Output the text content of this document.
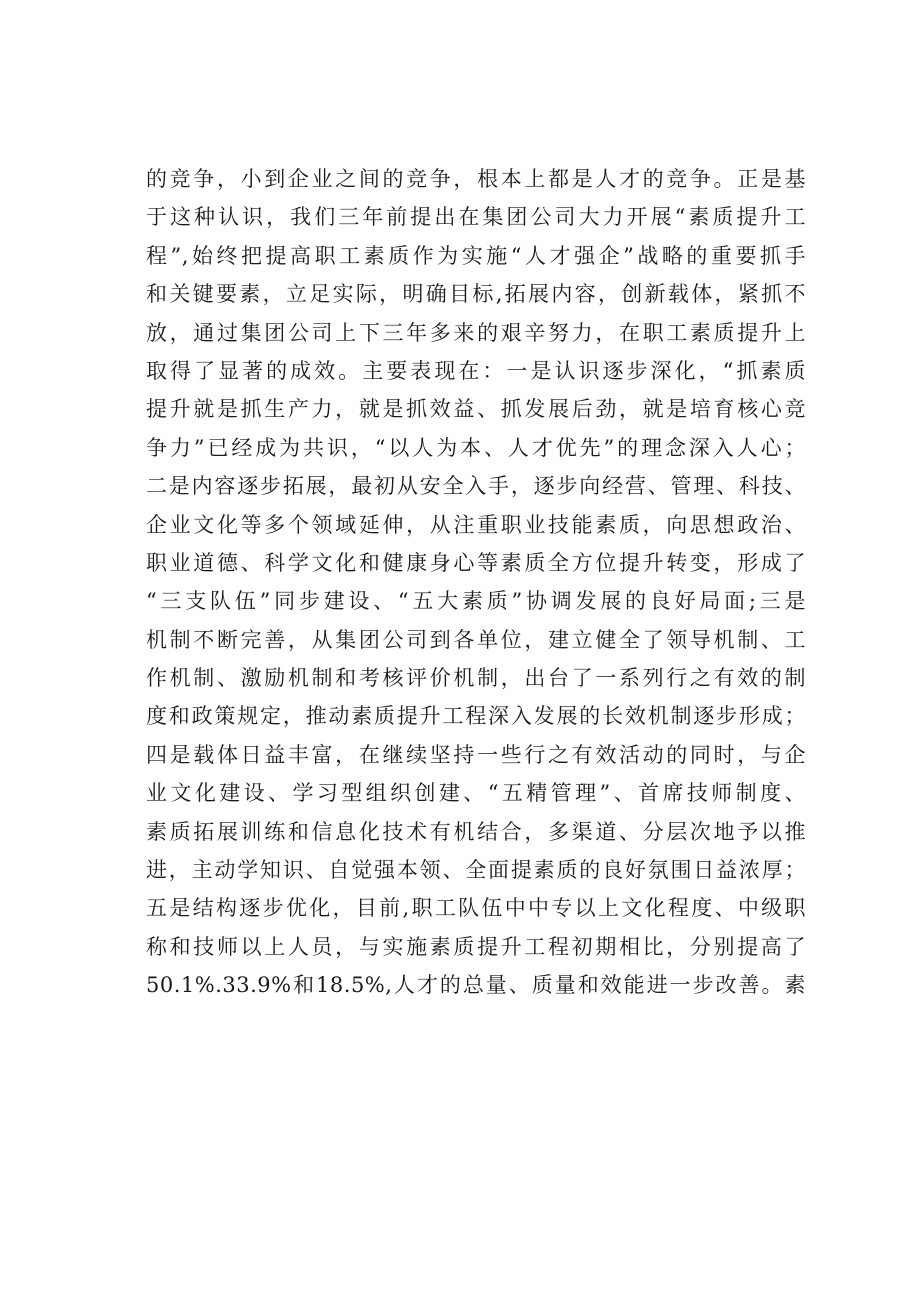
的竞争，小到企业之间的竞争，根本上都是人才的竞争。正是基
于这种认识，我们三年前提出在集团公司大力开展“素质提升工
程”,始终把提高职工素质作为实施“人才强企”战略的重要抓手
和关键要素，立足实际，明确目标,拓展内容，创新载体，紧抓不
放，通过集团公司上下三年多来的艰辛努力，在职工素质提升上
取得了显著的成效。主要表现在：一是认识逐步深化，“抓素质
提升就是抓生产力，就是抓效益、抓发展后劲，就是培育核心竞
争力”已经成为共识，“以人为本、人才优先”的理念深入人心；
二是内容逐步拓展，最初从安全入手，逐步向经营、管理、科技、
企业文化等多个领域延伸，从注重职业技能素质，向思想政治、
职业道德、科学文化和健康身心等素质全方位提升转变，形成了
“三支队伍”同步建设、“五大素质”协调发展的良好局面;三是
机制不断完善，从集团公司到各单位，建立健全了领导机制、工
作机制、激励机制和考核评价机制，出台了一系列行之有效的制
度和政策规定，推动素质提升工程深入发展的长效机制逐步形成；
四是载体日益丰富，在继续坚持一些行之有效活动的同时，与企
业文化建设、学习型组织创建、“五精管理”、首席技师制度、
素质拓展训练和信息化技术有机结合，多渠道、分层次地予以推
进，主动学知识、自觉强本领、全面提素质的良好氛围日益浓厚；
五是结构逐步优化，目前,职工队伍中中专以上文化程度、中级职
称和技师以上人员，与实施素质提升工程初期相比，分别提高了
50.1%.33.9%和18.5%,人才的总量、质量和效能进一步改善。素
